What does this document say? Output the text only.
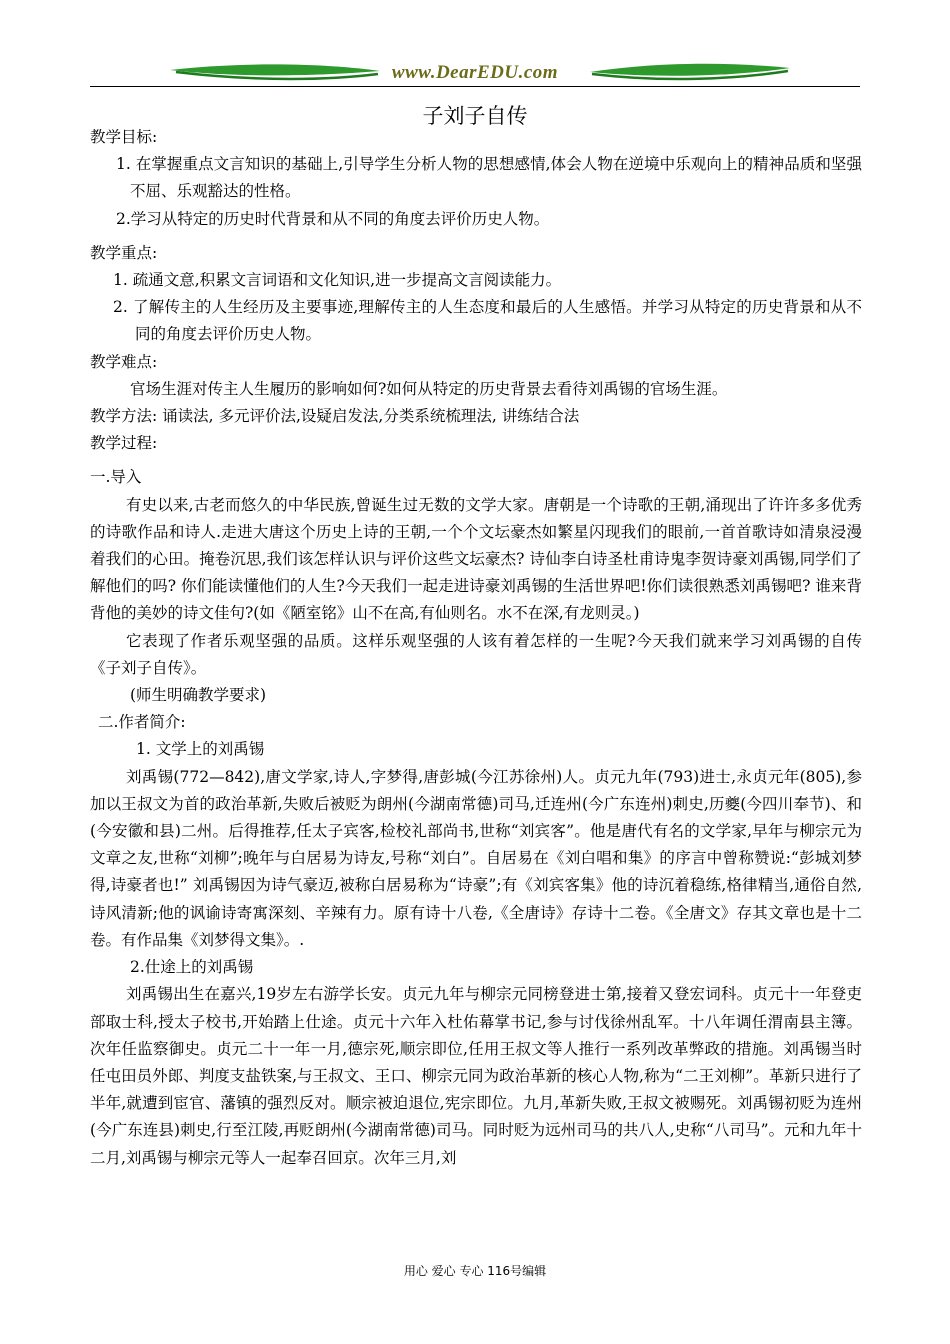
www.DearEDU.com
子刘子自传

教学目标:

1. 在掌握重点文言知识的基础上,引导学生分析人物的思想感情,体会人物在逆境中乐观向上的精神品质和坚强不屈、乐观豁达的性格。

2.学习从特定的历史时代背景和从不同的角度去评价历史人物。

教学重点:

1. 疏通文意,积累文言词语和文化知识,进一步提高文言阅读能力。

2. 了解传主的人生经历及主要事迹,理解传主的人生态度和最后的人生感悟。并学习从特定的历史背景和从不同的角度去评价历史人物。

教学难点:

官场生涯对传主人生履历的影响如何?如何从特定的历史背景去看待刘禹锡的官场生涯。

教学方法: 诵读法, 多元评价法,设疑启发法,分类系统梳理法, 讲练结合法

教学过程:

一.导入

有史以来,古老而悠久的中华民族,曾诞生过无数的文学大家。唐朝是一个诗歌的王朝,涌现出了许许多多优秀的诗歌作品和诗人.走进大唐这个历史上诗的王朝,一个个文坛豪杰如繁星闪现我们的眼前,一首首歌诗如清泉浸漫着我们的心田。掩卷沉思,我们该怎样认识与评价这些文坛豪杰? 诗仙李白诗圣杜甫诗鬼李贺诗豪刘禹锡,同学们了解他们的吗? 你们能读懂他们的人生?今天我们一起走进诗豪刘禹锡的生活世界吧!你们读很熟悉刘禹锡吧? 谁来背背他的美妙的诗文佳句?(如《陋室铭》山不在高,有仙则名。水不在深,有龙则灵。)

它表现了作者乐观坚强的品质。这样乐观坚强的人该有着怎样的一生呢?今天我们就来学习刘禹锡的自传《子刘子自传》。

(师生明确教学要求)

二.作者简介:

1. 文学上的刘禹锡

刘禹锡(772—842),唐文学家,诗人,字梦得,唐彭城(今江苏徐州)人。贞元九年(793)进士,永贞元年(805),参加以王叔文为首的政治革新,失败后被贬为朗州(今湖南常德)司马,迁连州(今广东连州)刺史,历夔(今四川奉节)、和(今安徽和县)二州。后得推荐,任太子宾客,检校礼部尚书,世称“刘宾客”。他是唐代有名的文学家,早年与柳宗元为文章之友,世称“刘柳”;晚年与白居易为诗友,号称“刘白”。自居易在《刘白唱和集》的序言中曾称赞说:“彭城刘梦得,诗豪者也!” 刘禹锡因为诗气豪迈,被称白居易称为“诗豪”;有《刘宾客集》他的诗沉着稳练,格律精当,通俗自然,诗风清新;他的讽谕诗寄寓深刻、辛辣有力。原有诗十八卷,《全唐诗》存诗十二卷。《全唐文》存其文章也是十二卷。有作品集《刘梦得文集》。.

2.仕途上的刘禹锡

刘禹锡出生在嘉兴,19岁左右游学长安。贞元九年与柳宗元同榜登进士第,接着又登宏词科。贞元十一年登吏部取士科,授太子校书,开始踏上仕途。贞元十六年入杜佑幕掌书记,参与讨伐徐州乱军。十八年调任渭南县主簿。次年任监察御史。贞元二十一年一月,德宗死,顺宗即位,任用王叔文等人推行一系列改革弊政的措施。刘禹锡当时任屯田员外郎、判度支盐铁案,与王叔文、王口、柳宗元同为政治革新的核心人物,称为“二王刘柳”。革新只进行了半年,就遭到宦官、藩镇的强烈反对。顺宗被迫退位,宪宗即位。九月,革新失败,王叔文被赐死。刘禹锡初贬为连州(今广东连县)刺史,行至江陵,再贬朗州(今湖南常德)司马。同时贬为远州司马的共八人,史称“八司马”。元和九年十二月,刘禹锡与柳宗元等人一起奉召回京。次年三月,刘

用心 爱心 专心 116号编辑
